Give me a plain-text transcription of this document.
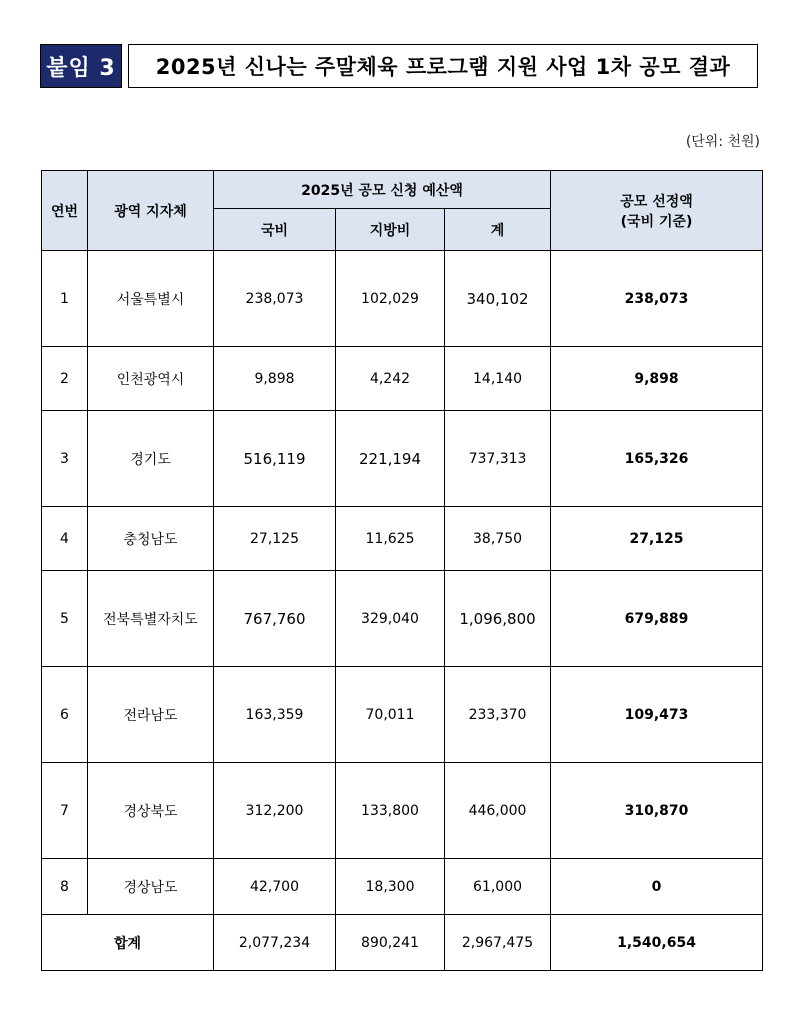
붙임 3	2025년 신나는 주말체육 프로그램 지원 사업 1차 공모 결과
(단위: 천원)
연번	광역 지자체	2025년 공모 신청 예산액			공모 선정액
(국비 기준)

		국비	지방비	계	
1	서울특별시	238,073	102,029	340,102	238,073
2	인천광역시	9,898	4,242	14,140	9,898
3	경기도	516,119	221,194	737,313	165,326
4	충청남도	27,125	11,625	38,750	27,125
5	전북특별자치도	767,760	329,040	1,096,800	679,889
6	전라남도	163,359	70,011	233,370	109,473
7	경상북도	312,200	133,800	446,000	310,870
8	경상남도	42,700	18,300	61,000	0
합계		2,077,234	890,241	2,967,475	1,540,654
